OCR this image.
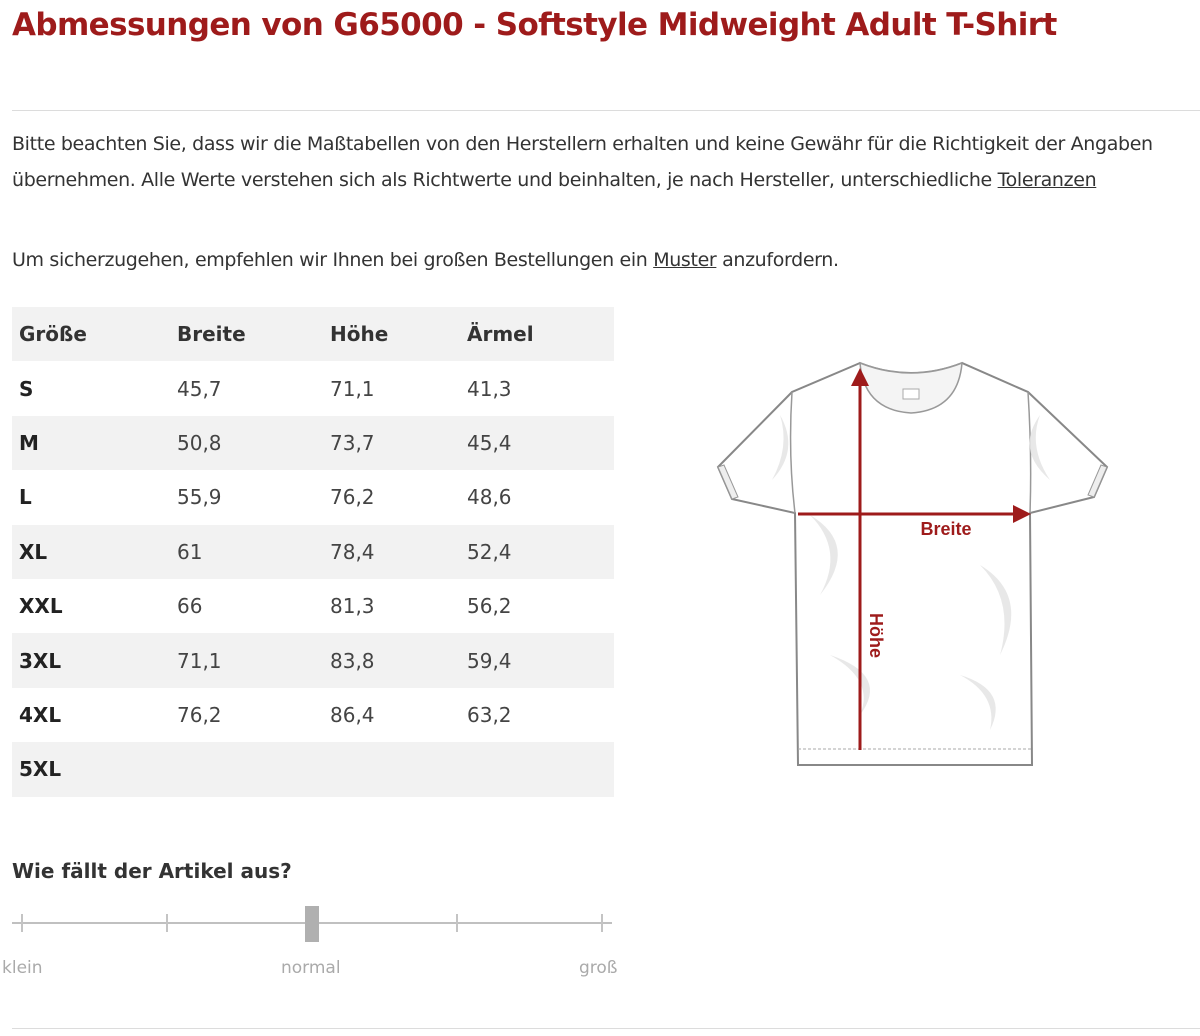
Abmessungen von G65000 - Softstyle Midweight Adult T-Shirt

Bitte beachten Sie, dass wir die Maßtabellen von den Herstellern erhalten und keine Gewähr für die Richtigkeit der Angaben übernehmen. Alle Werte verstehen sich als Richtwerte und beinhalten, je nach Hersteller, unterschiedliche Toleranzen

Um sicherzugehen, empfehlen wir Ihnen bei großen Bestellungen ein Muster anzufordern.

Größe	Breite	Höhe	Ärmel
S	45,7	71,1	41,3
M	50,8	73,7	45,4
L	55,9	76,2	48,6
XL	61	78,4	52,4
XXL	66	81,3	56,2
3XL	71,1	83,8	59,4
4XL	76,2	86,4	63,2
5XL			
Breite
Höhe
Wie fällt der Artikel aus?
klein	normal	groß
